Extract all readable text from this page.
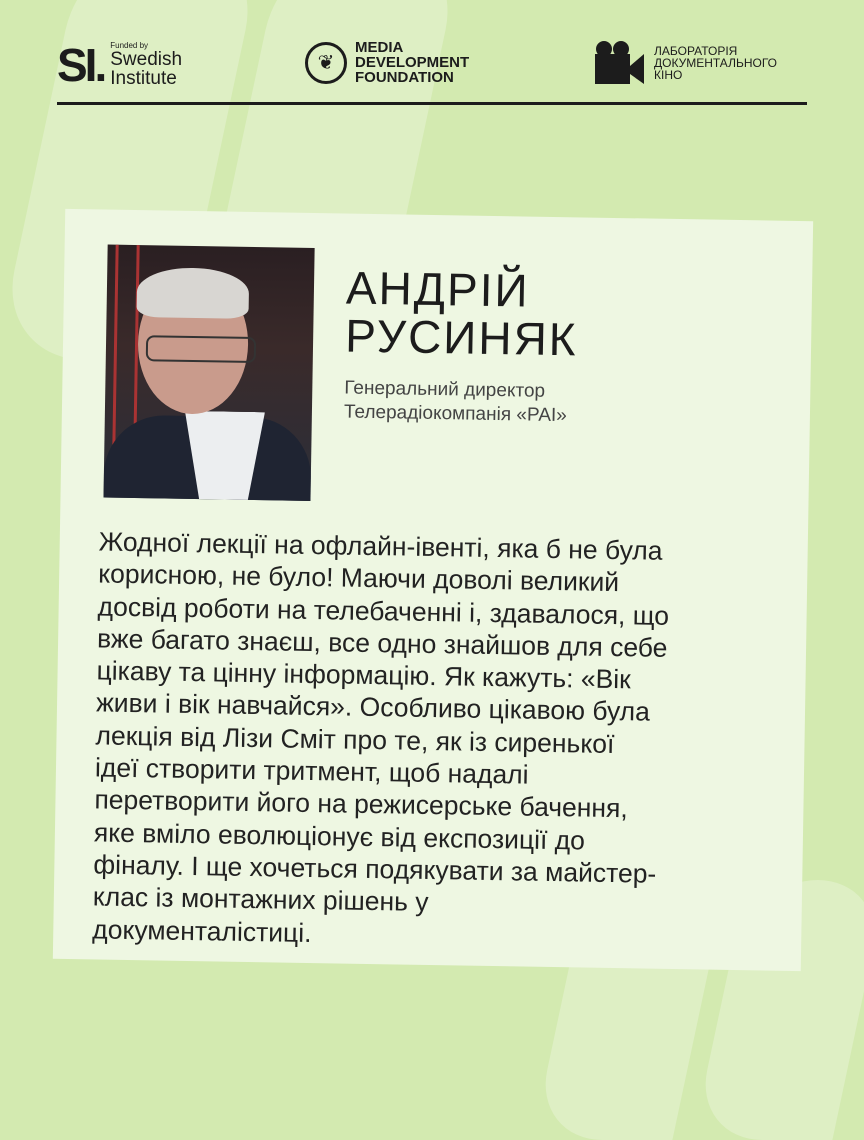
SI. Funded by
Swedish
Institute
❦
MEDIA
DEVELOPMENT
FOUNDATION
ЛАБОРАТОРІЯ
ДОКУМЕНТАЛЬНОГО
КІНО
АНДРІЙ
РУСИНЯК
Генеральний директор
Телерадіокомпанія «РАІ»
Жодної лекції на офлайн-івенті, яка б не була
корисною, не було! Маючи доволі великий
досвід роботи на телебаченні і, здавалося, що
вже багато знаєш, все одно знайшов для себе
цікаву та цінну інформацію. Як кажуть: «Вік
живи і вік навчайся». Особливо цікавою була
лекція від Лізи Сміт про те, як із сиренької
ідеї створити тритмент, щоб надалі
перетворити його на режисерське бачення,
яке вміло еволюціонує від експозиції до
фіналу. І ще хочеться подякувати за майстер-
клас із монтажних рішень у
документалістиці.
